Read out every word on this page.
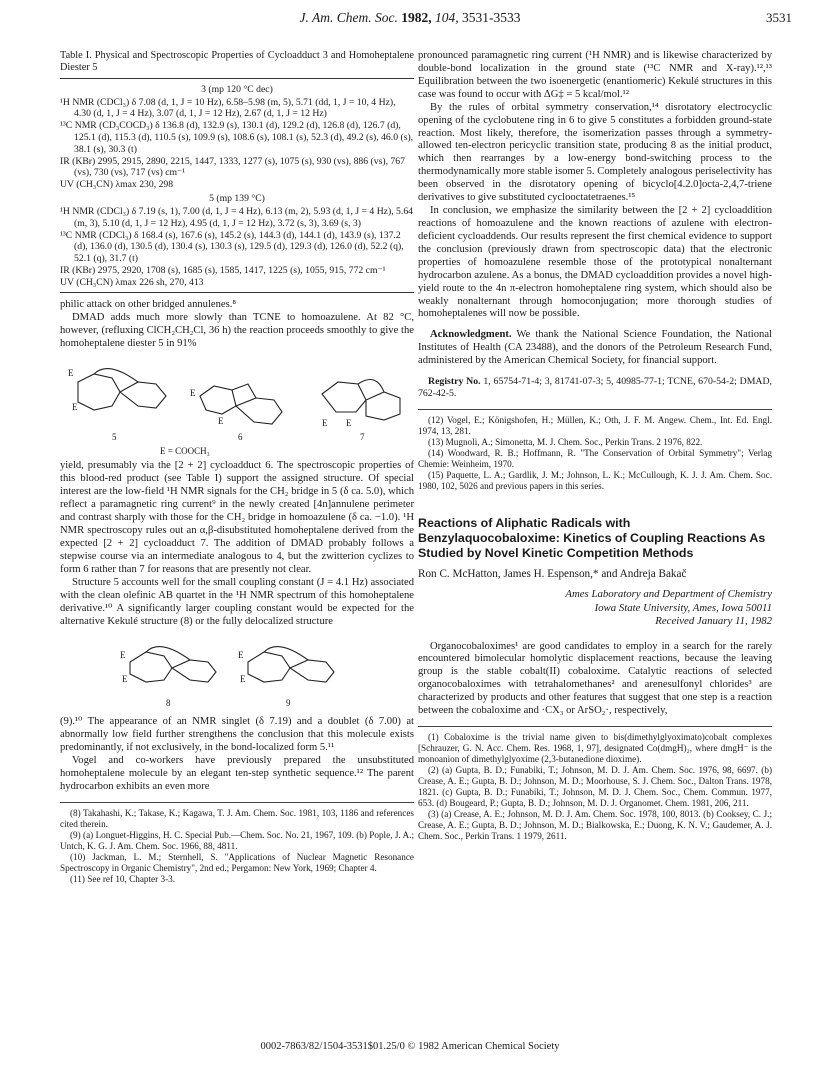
J. Am. Chem. Soc. 1982, 104, 3531-3533	3531
Table I. Physical and Spectroscopic Properties of Cycloadduct 3 and Homoheptalene Diester 5
3 (mp 120 °C dec)
¹H NMR (CDCl₃) δ 7.08 (d, 1, J = 10 Hz), 6.58–5.98 (m, 5), 5.71 (dd, 1, J = 10, 4 Hz), 4.30 (d, 1, J = 4 Hz), 3.07 (d, 1, J = 12 Hz), 2.67 (d, 1, J = 12 Hz)
¹³C NMR (CD₃COCD₃) δ 136.8 (d), 132.9 (s), 130.1 (d), 129.2 (d), 126.8 (d), 126.7 (d), 125.1 (d), 115.3 (d), 110.5 (s), 109.9 (s), 108.6 (s), 108.1 (s), 52.3 (d), 49.2 (s), 46.0 (s), 38.1 (s), 30.3 (t)
IR (KBr) 2995, 2915, 2890, 2215, 1447, 1333, 1277 (s), 1075 (s), 930 (vs), 886 (vs), 767 (vs), 730 (vs), 717 (vs) cm⁻¹
UV (CH₃CN) λmax 230, 298
5 (mp 139 °C)
¹H NMR (CDCl₃) δ 7.19 (s, 1), 7.00 (d, 1, J = 4 Hz), 6.13 (m, 2), 5.93 (d, 1, J = 4 Hz), 5.64 (m, 3), 5.10 (d, 1, J = 12 Hz), 4.95 (d, 1, J = 12 Hz), 3.72 (s, 3), 3.69 (s, 3)
¹³C NMR (CDCl₃) δ 168.4 (s), 167.6 (s), 145.2 (s), 144.3 (d), 144.1 (d), 143.9 (s), 137.2 (d), 136.0 (d), 130.5 (d), 130.4 (s), 130.3 (s), 129.5 (d), 129.3 (d), 126.0 (d), 52.2 (q), 52.1 (q), 31.7 (t)
IR (KBr) 2975, 2920, 1708 (s), 1685 (s), 1585, 1417, 1225 (s), 1055, 915, 772 cm⁻¹
UV (CH₃CN) λmax 226 sh, 270, 413

philic attack on other bridged annulenes.⁸

DMAD adds much more slowly than TCNE to homoazulene. At 82 °C, however, (refluxing ClCH₂CH₂Cl, 36 h) the reaction proceeds smoothly to give the homoheptalene diester 5 in 91%

E
E
E
E	E E
5	6	7
E = COOCH₃

yield, presumably via the [2 + 2] cycloadduct 6. The spectroscopic properties of this blood-red product (see Table I) support the assigned structure. Of special interest are the low-field ¹H NMR signals for the CH₂ bridge in 5 (δ ca. 5.0), which reflect a paramagnetic ring current⁹ in the newly created [4n]annulene perimeter and contrast sharply with those for the CH₂ bridge in homoazulene (δ ca. −1.0). ¹H NMR spectroscopy rules out an α,β-disubstituted homoheptalene derived from the expected [2 + 2] cycloadduct 7. The addition of DMAD probably follows a stepwise course via an intermediate analogous to 4, but the zwitterion cyclizes to form 6 rather than 7 for reasons that are presently not clear.

Structure 5 accounts well for the small coupling constant (J = 4.1 Hz) associated with the clean olefinic AB quartet in the ¹H NMR spectrum of this homoheptalene derivative.¹⁰ A significantly larger coupling constant would be expected for the alternative Kekulé structure (8) or the fully delocalized structure

E
E
E
E
8	9

(9).¹⁰ The appearance of an NMR singlet (δ 7.19) and a doublet (δ 7.00) at abnormally low field further strengthens the conclusion that this molecule exists predominantly, if not exclusively, in the bond-localized form 5.¹¹

Vogel and co-workers have previously prepared the unsubstituted homoheptalene molecule by an elegant ten-step synthetic sequence.¹² The parent hydrocarbon exhibits an even more

(8) Takahashi, K.; Takase, K.; Kagawa, T. J. Am. Chem. Soc. 1981, 103, 1186 and references cited therein.
(9) (a) Longuet-Higgins, H. C. Special Pub.—Chem. Soc. No. 21, 1967, 109. (b) Pople, J. A.; Untch, K. G. J. Am. Chem. Soc. 1966, 88, 4811.
(10) Jackman, L. M.; Sternhell, S. "Applications of Nuclear Magnetic Resonance Spectroscopy in Organic Chemistry", 2nd ed.; Pergamon: New York, 1969; Chapter 4.
(11) See ref 10, Chapter 3-3.

pronounced paramagnetic ring current (¹H NMR) and is likewise characterized by double-bond localization in the ground state (¹³C NMR and X-ray).¹²,¹³ Equilibration between the two isoenergetic (enantiomeric) Kekulé structures in this case was found to occur with ΔG‡ = 5 kcal/mol.¹²

By the rules of orbital symmetry conservation,¹⁴ disrotatory electrocyclic opening of the cyclobutene ring in 6 to give 5 constitutes a forbidden ground-state reaction. Most likely, therefore, the isomerization passes through a symmetry-allowed ten-electron pericyclic transition state, producing 8 as the initial product, which then rearranges by a low-energy bond-switching process to the thermodynamically more stable isomer 5. Completely analogous periselectivity has been observed in the disrotatory opening of bicyclo[4.2.0]octa-2,4,7-triene derivatives to give substituted cyclooctatetraenes.¹⁵

In conclusion, we emphasize the similarity between the [2 + 2] cycloaddition reactions of homoazulene and the known reactions of azulene with electron-deficient cycloaddends. Our results represent the first chemical evidence to support the conclusion (previously drawn from spectroscopic data) that the electronic properties of homoazulene resemble those of the prototypical nonalternant hydrocarbon azulene. As a bonus, the DMAD cycloaddition provides a novel high-yield route to the 4n π-electron homoheptalene ring system, which should also be weakly nonalternant through homoconjugation; more thorough studies of homoheptalenes will now be possible.

Acknowledgment. We thank the National Science Foundation, the National Institutes of Health (CA 23488), and the donors of the Petroleum Research Fund, administered by the American Chemical Society, for financial support.

Registry No. 1, 65754-71-4; 3, 81741-07-3; 5, 40985-77-1; TCNE, 670-54-2; DMAD, 762-42-5.
(12) Vogel, E.; Königshofen, H.; Müllen, K.; Oth, J. F. M. Angew. Chem., Int. Ed. Engl. 1974, 13, 281.
(13) Mugnoli, A.; Simonetta, M. J. Chem. Soc., Perkin Trans. 2 1976, 822.
(14) Woodward, R. B.; Hoffmann, R. "The Conservation of Orbital Symmetry"; Verlag Chemie: Weinheim, 1970.
(15) Paquette, L. A.; Gardlik, J. M.; Johnson, L. K.; McCullough, K. J. J. Am. Chem. Soc. 1980, 102, 5026 and previous papers in this series.
Reactions of Aliphatic Radicals with Benzylaquocobaloxime: Kinetics of Coupling Reactions As Studied by Novel Kinetic Competition Methods
Ron C. McHatton, James H. Espenson,* and Andreja Bakač
Ames Laboratory and Department of Chemistry
Iowa State University, Ames, Iowa 50011
Received January 11, 1982

Organocobaloximes¹ are good candidates to employ in a search for the rarely encountered bimolecular homolytic displacement reactions, because the leaving group is the stable cobalt(II) cobaloxime. Catalytic reactions of selected organocobaloximes with tetrahalomethanes² and arenesulfonyl chlorides³ are characterized by products and other features that suggest that one step is a reaction between the cobaloxime and ·CX₃ or ArSO₂·, respectively,

(1) Cobaloxime is the trivial name given to bis(dimethylglyoximato)cobalt complexes [Schrauzer, G. N. Acc. Chem. Res. 1968, 1, 97], designated Co(dmgH)₂, where dmgH⁻ is the monoanion of dimethylglyoxime (2,3-butanedione dioxime).
(2) (a) Gupta, B. D.; Funabiki, T.; Johnson, M. D. J. Am. Chem. Soc. 1976, 98, 6697. (b) Crease, A. E.; Gupta, B. D.; Johnson, M. D.; Moorhouse, S. J. Chem. Soc., Dalton Trans. 1978, 1821. (c) Gupta, B. D.; Funabiki, T.; Johnson, M. D. J. Chem. Soc., Chem. Commun. 1977, 653. (d) Bougeard, P.; Gupta, B. D.; Johnson, M. D. J. Organomet. Chem. 1981, 206, 211.
(3) (a) Crease, A. E.; Johnson, M. D. J. Am. Chem. Soc. 1978, 100, 8013. (b) Cooksey, C. J.; Crease, A. E.; Gupta, B. D.; Johnson, M. D.; Bialkowska, E.; Duong, K. N. V.; Gaudemer, A. J. Chem. Soc., Perkin Trans. 1 1979, 2611.
0002-7863/82/1504-3531$01.25/0 © 1982 American Chemical Society
